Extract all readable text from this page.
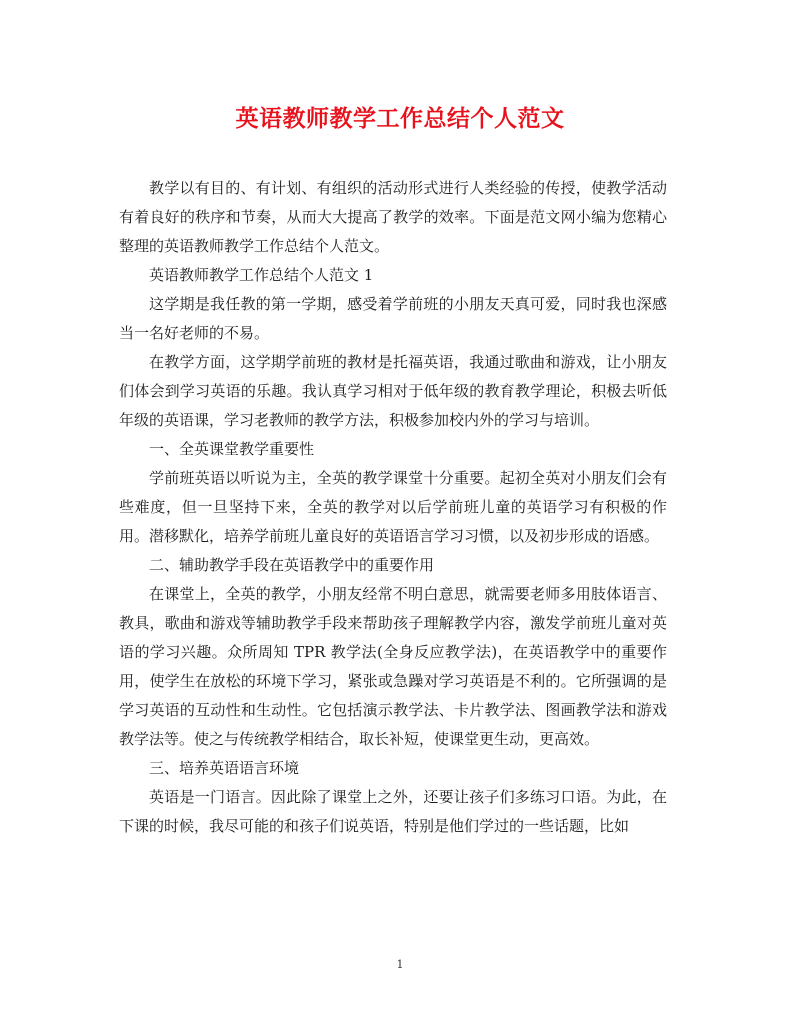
英语教师教学工作总结个人范文

教学以有目的、有计划、有组织的活动形式进行人类经验的传授，使教学活动有着良好的秩序和节奏，从而大大提高了教学的效率。下面是范文网小编为您精心整理的英语教师教学工作总结个人范文。

英语教师教学工作总结个人范文 1

这学期是我任教的第一学期，感受着学前班的小朋友天真可爱，同时我也深感当一名好老师的不易。

在教学方面，这学期学前班的教材是托福英语，我通过歌曲和游戏，让小朋友们体会到学习英语的乐趣。我认真学习相对于低年级的教育教学理论，积极去听低年级的英语课，学习老教师的教学方法，积极参加校内外的学习与培训。

一、全英课堂教学重要性

学前班英语以听说为主，全英的教学课堂十分重要。起初全英对小朋友们会有些难度，但一旦坚持下来，全英的教学对以后学前班儿童的英语学习有积极的作用。潜移默化，培养学前班儿童良好的英语语言学习习惯，以及初步形成的语感。

二、辅助教学手段在英语教学中的重要作用

在课堂上，全英的教学，小朋友经常不明白意思，就需要老师多用肢体语言、教具，歌曲和游戏等辅助教学手段来帮助孩子理解教学内容，激发学前班儿童对英语的学习兴趣。众所周知 TPR 教学法(全身反应教学法)，在英语教学中的重要作用，使学生在放松的环境下学习，紧张或急躁对学习英语是不利的。它所强调的是学习英语的互动性和生动性。它包括演示教学法、卡片教学法、图画教学法和游戏教学法等。使之与传统教学相结合，取长补短，使课堂更生动，更高效。

三、培养英语语言环境

英语是一门语言。因此除了课堂上之外，还要让孩子们多练习口语。为此，在下课的时候，我尽可能的和孩子们说英语，特别是他们学过的一些话题，比如

1
